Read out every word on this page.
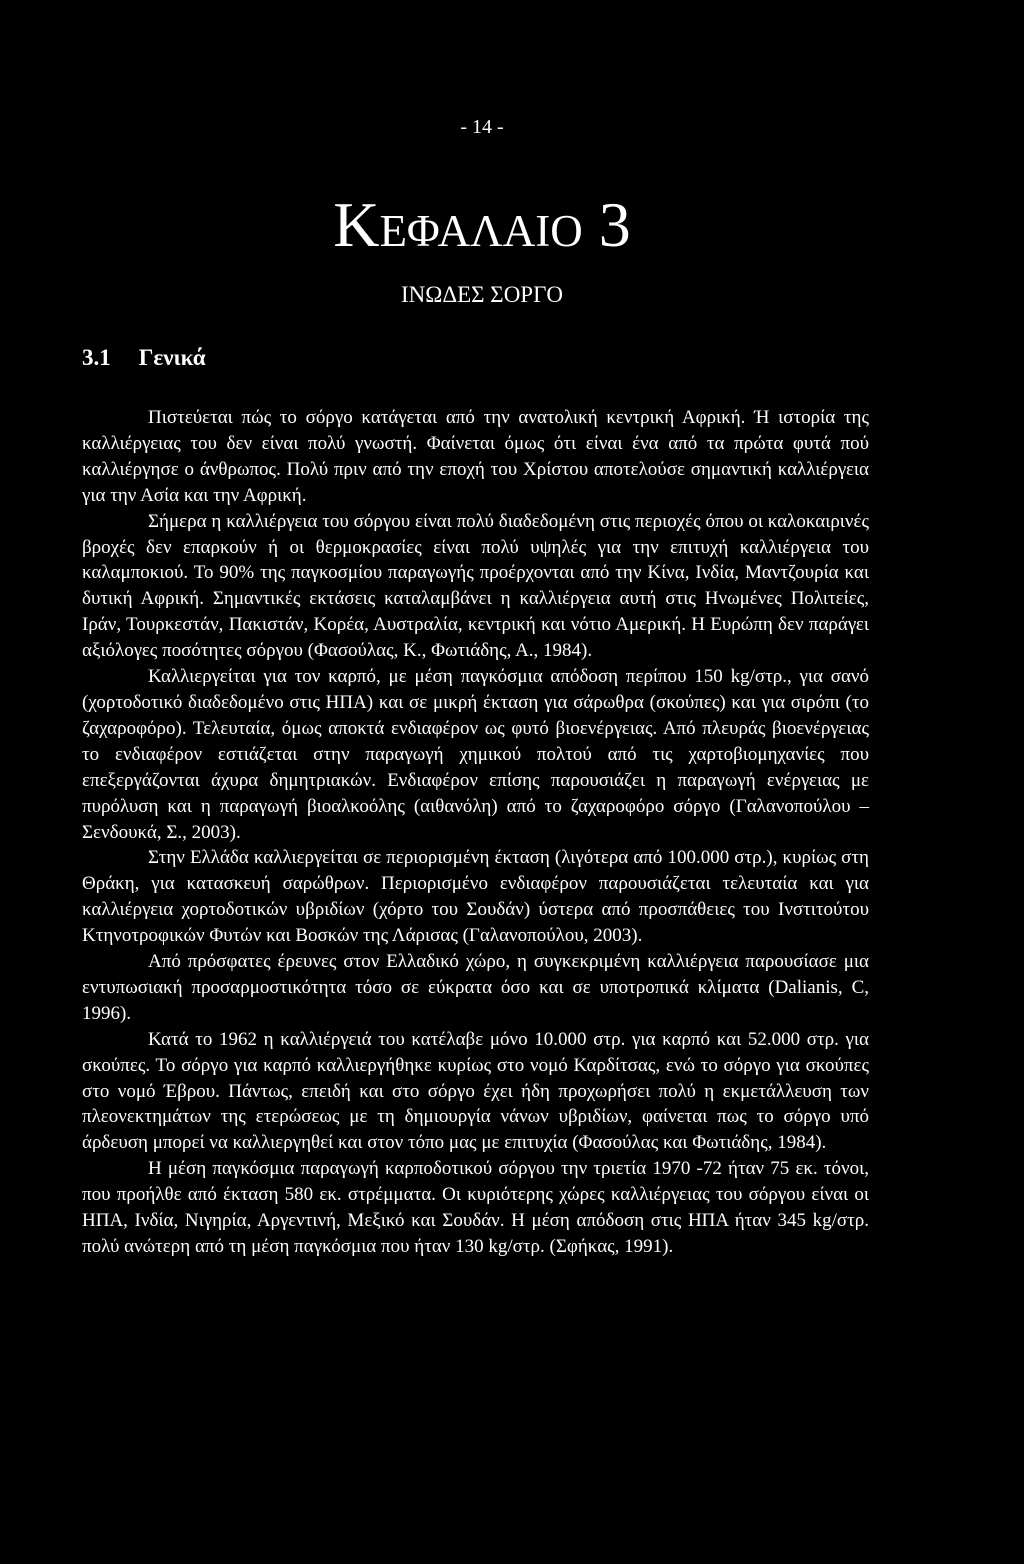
- 14 -
Κεφαλαιο 3
ΙΝΩΔΕΣ ΣΟΡΓΟ
3.1 Γενικά

Πιστεύεται πώς το σόργο κατάγεται από την ανατολική κεντρική Αφρική. Ή ιστορία της καλλιέργειας του δεν είναι πολύ γνωστή. Φαίνεται όμως ότι είναι ένα από τα πρώτα φυτά πού καλλιέργησε ο άνθρωπος. Πολύ πριν από την εποχή του Χρίστου αποτελούσε σημαντική καλλιέργεια για την Ασία και την Αφρική.

Σήμερα η καλλιέργεια του σόργου είναι πολύ διαδεδομένη στις περιοχές όπου οι καλοκαιρινές βροχές δεν επαρκούν ή οι θερμοκρασίες είναι πολύ υψηλές για την επιτυχή καλλιέργεια του καλαμποκιού. Το 90% της παγκοσμίου παραγωγής προέρχονται από την Κίνα, Ινδία, Μαντζουρία και δυτική Αφρική. Σημαντικές εκτάσεις καταλαμβάνει η καλλιέργεια αυτή στις Ηνωμένες Πολιτείες, Ιράν, Τουρκεστάν, Πακιστάν, Κορέα, Αυστραλία, κεντρική και νότιο Αμερική. Η Ευρώπη δεν παράγει αξιόλογες ποσότητες σόργου (Φασούλας, Κ., Φωτιάδης, Α., 1984).

Καλλιεργείται για τον καρπό, με μέση παγκόσμια απόδοση περίπου 150 kg/στρ., για σανό (χορτοδοτικό διαδεδομένο στις ΗΠΑ) και σε μικρή έκταση για σάρωθρα (σκούπες) και για σιρόπι (το ζαχαροφόρο). Τελευταία, όμως αποκτά ενδιαφέρον ως φυτό βιοενέργειας. Από πλευράς βιοενέργειας το ενδιαφέρον εστιάζεται στην παραγωγή χημικού πολτού από τις χαρτοβιομηχανίες που επεξεργάζονται άχυρα δημητριακών. Ενδιαφέρον επίσης παρουσιάζει η παραγωγή ενέργειας με πυρόλυση και η παραγωγή βιοαλκοόλης (αιθανόλη) από το ζαχαροφόρο σόργο (Γαλανοπούλου – Σενδουκά, Σ., 2003).

Στην Ελλάδα καλλιεργείται σε περιορισμένη έκταση (λιγότερα από 100.000 στρ.), κυρίως στη Θράκη, για κατασκευή σαρώθρων. Περιορισμένο ενδιαφέρον παρουσιάζεται τελευταία και για καλλιέργεια χορτοδοτικών υβριδίων (χόρτο του Σουδάν) ύστερα από προσπάθειες του Ινστιτούτου Κτηνοτροφικών Φυτών και Βοσκών της Λάρισας (Γαλανοπούλου, 2003).

Από πρόσφατες έρευνες στον Ελλαδικό χώρο, η συγκεκριμένη καλλιέργεια παρουσίασε μια εντυπωσιακή προσαρμοστικότητα τόσο σε εύκρατα όσο και σε υποτροπικά κλίματα (Dalianis, C, 1996).

Κατά το 1962 η καλλιέργειά του κατέλαβε μόνο 10.000 στρ. για καρπό και 52.000 στρ. για σκούπες. Το σόργο για καρπό καλλιεργήθηκε κυρίως στο νομό Καρδίτσας, ενώ το σόργο για σκούπες στο νομό Έβρου. Πάντως, επειδή και στο σόργο έχει ήδη προχωρήσει πολύ η εκμετάλλευση των πλεονεκτημάτων της ετερώσεως με τη δημιουργία νάνων υβριδίων, φαίνεται πως το σόργο υπό άρδευση μπορεί να καλλιεργηθεί και στον τόπο μας με επιτυχία (Φασούλας και Φωτιάδης, 1984).

Η μέση παγκόσμια παραγωγή καρποδοτικού σόργου την τριετία 1970 -72 ήταν 75 εκ. τόνοι, που προήλθε από έκταση 580 εκ. στρέμματα. Οι κυριότερης χώρες καλλιέργειας του σόργου είναι οι ΗΠΑ, Ινδία, Νιγηρία, Αργεντινή, Μεξικό και Σουδάν. Η μέση απόδοση στις ΗΠΑ ήταν 345 kg/στρ. πολύ ανώτερη από τη μέση παγκόσμια που ήταν 130 kg/στρ. (Σφήκας, 1991).
